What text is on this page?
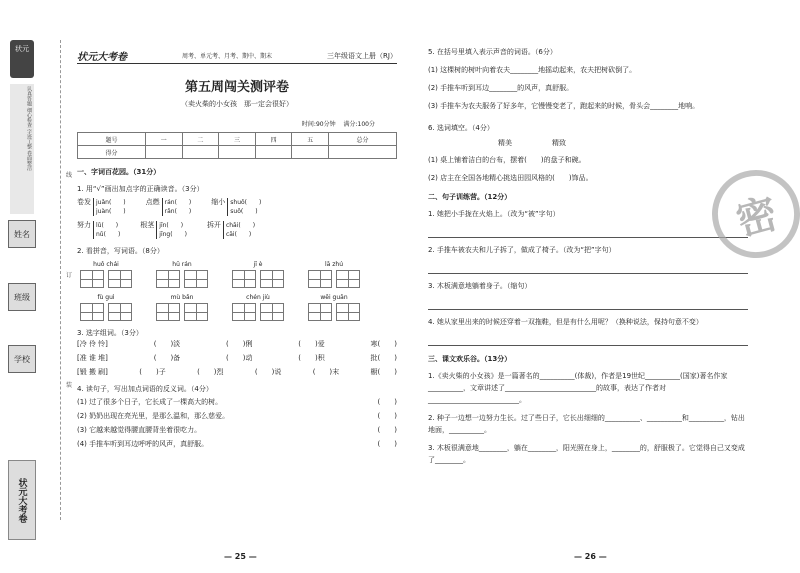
状元
认真答题 细心检查 字迹工整 卷面整洁
姓名
班级
学校
状元大考卷
线
订
装
状元大考卷	周考、单元考、月考、期中、期末	三年级语文上册（RJ）
第五周闯关测评卷
（卖火柴的小女孩　那一定会很好）
时间:90分钟　 满分:100分
题号	一	二	三	四	五	总分
得分						
一、字词百花园。（31分）
1. 用“√”画出加点字的正确读音。（3分）
卷发 juǎn(　　)
juàn(　　)
点燃 rán(　　)
rǎn(　　)
缩小 shuō(　　)
suō(　　)
努力 lǔ(　　)
nǔ(　　)
根茎 jīn(　　)
jīng(　　)
拆开 chāi(　　)
cāi(　　)
2. 看拼音，写词语。（8分）
huǒ chái	hū rán	jī è	lā zhú
fù guì	mù bǎn	chén jiù	wēi guān
3. 选字组词。（3分）
[冷 伶 怜]	(　　)淡	(　　)俐	(　　)爱	寒(　　)
[准 谁 堆]	(　　)备	(　　)动	(　　)积	批(　　)
[锻 搬 刷]	(　　)子	(　　)烈	(　　)说	(　　)末	橱(　　)
4. 读句子，写出加点词语的反义词。（4分）
(1) 过了很多个日子，它长成了一棵高大的树。	(　　)
(2) 奶奶出现在亮光里，是那么温和，那么慈爱。	(　　)
(3) 它越来越觉得腰直腰背坐着很吃力。	(　　)
(4) 手推车听到耳边呼呼的风声，真舒服。	(　　)
— 25 —
5. 在括号里填入表示声音的词语。（6分）
(1) 这棵树的树叶向着农夫________地摇动起来，农夫把树砍倒了。
(2) 手推车听到耳边________的风声，真舒服。
(3) 手推车为农夫服务了好多年，它慢慢变老了，跑起来的时候，骨头会________地响。
6. 选词填空。（4分）
精美	精致
(1) 桌上铺着洁白的台布，摆着(　　)的盘子和碗。
(2) 店主在全国各地精心挑选田园风格的(　　)饰品。
二、句子训练营。（12分）
1. 她把小手拢在火焰上。（改为“被”字句）
2. 手推车被农夫和儿子拆了，做成了椅子。（改为“把”字句）
3. 木板满意地躺着身子。（缩句）
4. 她从家里出来的时候还穿着一双拖鞋，但是有什么用呢？（换种说法，保持句意不变）
三、课文欢乐谷。（13分）
1.《卖火柴的小女孩》是一篇著名的__________(体裁)，作者是19世纪__________(国家)著名作家__________，文章讲述了__________________________的故事，表达了作者对__________________________。
2. 种子一边想一边努力生长。过了些日子，它长出细细的__________、__________和__________，钻出地面，__________。
3. 木板很满意地________，躺在________，阳光照在身上，________的，舒服极了。它觉得自己又变成了________。
— 26 —
密
